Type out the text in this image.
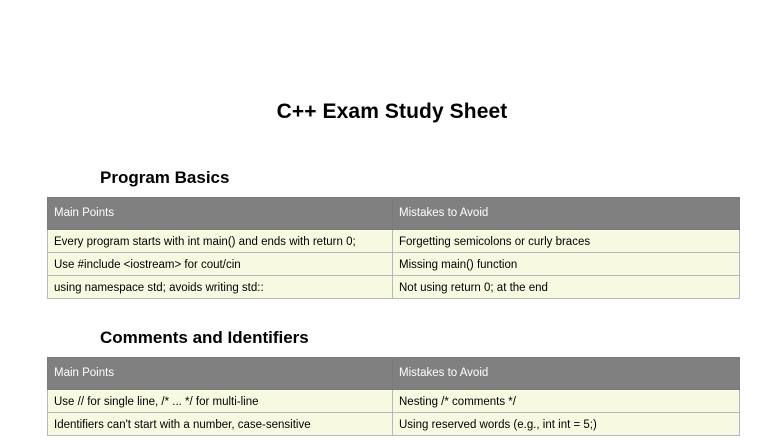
C++ Exam Study Sheet
Program Basics
Main Points	Mistakes to Avoid
Every program starts with int main() and ends with return 0;	Forgetting semicolons or curly braces
Use #include <iostream> for cout/cin	Missing main() function
using namespace std; avoids writing std::	Not using return 0; at the end
Comments and Identifiers
Main Points	Mistakes to Avoid
Use // for single line, /* ... */ for multi-line	Nesting /* comments */
Identifiers can't start with a number, case-sensitive	Using reserved words (e.g., int int = 5;)
